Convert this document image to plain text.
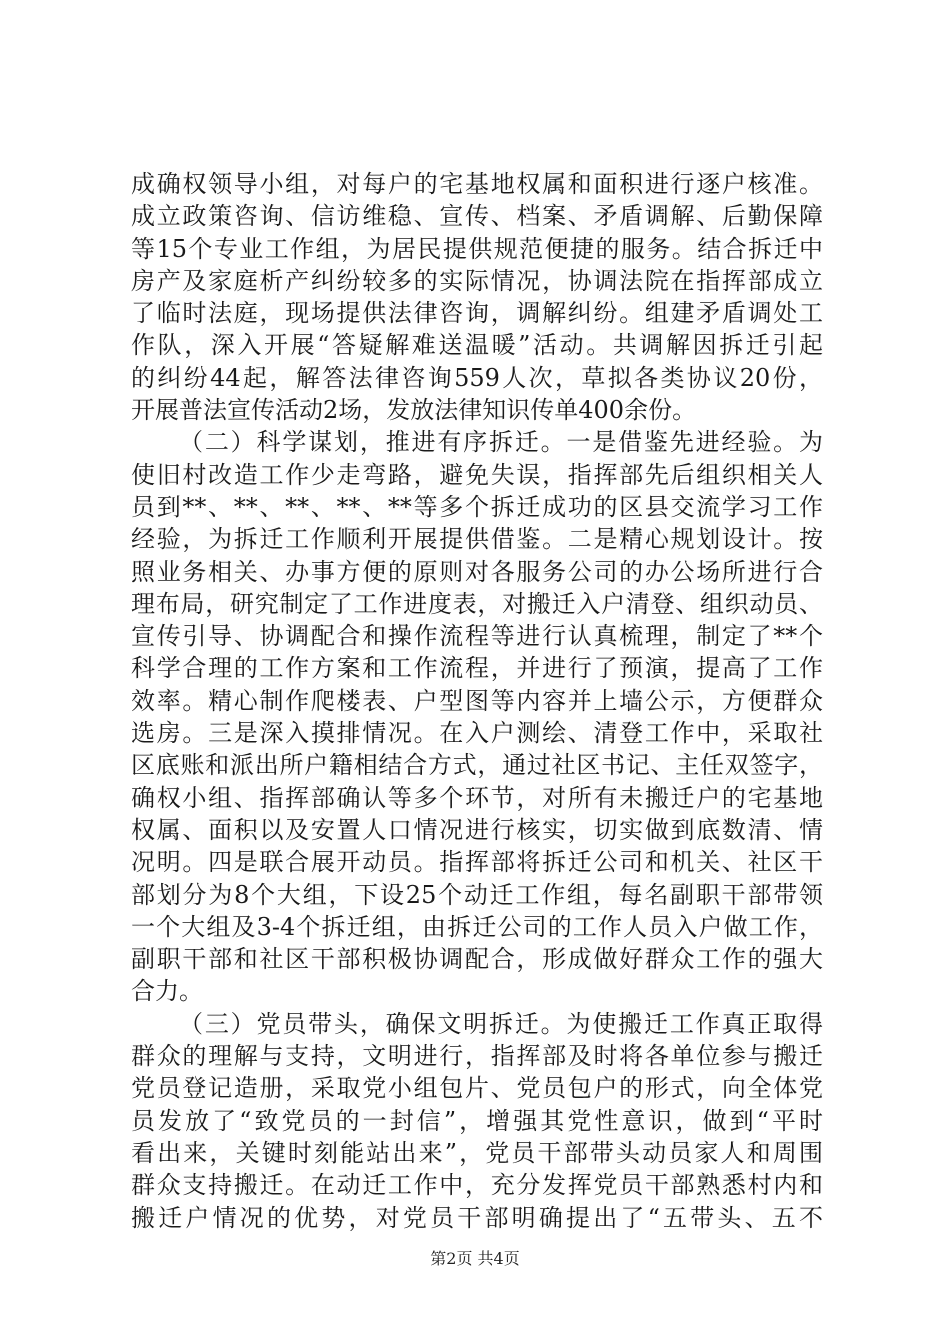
成确权领导小组，对每户的宅基地权属和面积进行逐户核准。
成立政策咨询、信访维稳、宣传、档案、矛盾调解、后勤保障
等15个专业工作组，为居民提供规范便捷的服务。结合拆迁中
房产及家庭析产纠纷较多的实际情况，协调法院在指挥部成立
了临时法庭，现场提供法律咨询，调解纠纷。组建矛盾调处工
作队，深入开展“答疑解难送温暖”活动。共调解因拆迁引起
的纠纷44起，解答法律咨询559人次，草拟各类协议20份，
开展普法宣传活动2场，发放法律知识传单400余份。
（二）科学谋划，推进有序拆迁。一是借鉴先进经验。为
使旧村改造工作少走弯路，避免失误，指挥部先后组织相关人
员到**、**、**、**、**等多个拆迁成功的区县交流学习工作
经验，为拆迁工作顺利开展提供借鉴。二是精心规划设计。按
照业务相关、办事方便的原则对各服务公司的办公场所进行合
理布局，研究制定了工作进度表，对搬迁入户清登、组织动员、
宣传引导、协调配合和操作流程等进行认真梳理，制定了**个
科学合理的工作方案和工作流程，并进行了预演，提高了工作
效率。精心制作爬楼表、户型图等内容并上墙公示，方便群众
选房。三是深入摸排情况。在入户测绘、清登工作中，采取社
区底账和派出所户籍相结合方式，通过社区书记、主任双签字，
确权小组、指挥部确认等多个环节，对所有未搬迁户的宅基地
权属、面积以及安置人口情况进行核实，切实做到底数清、情
况明。四是联合展开动员。指挥部将拆迁公司和机关、社区干
部划分为8个大组，下设25个动迁工作组，每名副职干部带领
一个大组及3-4个拆迁组，由拆迁公司的工作人员入户做工作，
副职干部和社区干部积极协调配合，形成做好群众工作的强大
合力。
（三）党员带头，确保文明拆迁。为使搬迁工作真正取得
群众的理解与支持，文明进行，指挥部及时将各单位参与搬迁
党员登记造册，采取党小组包片、党员包户的形式，向全体党
员发放了“致党员的一封信”，增强其党性意识，做到“平时
看出来，关键时刻能站出来”，党员干部带头动员家人和周围
群众支持搬迁。在动迁工作中，充分发挥党员干部熟悉村内和
搬迁户情况的优势，对党员干部明确提出了“五带头、五不
第2页 共4页
